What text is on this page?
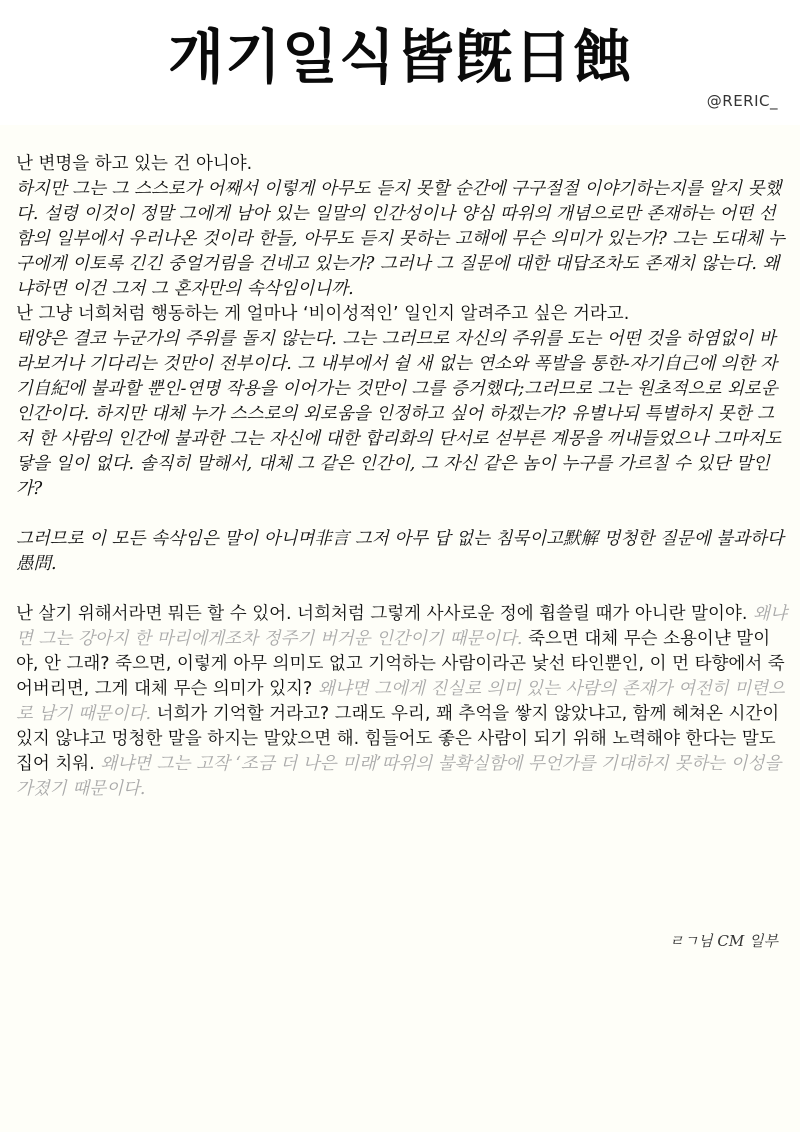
개기일식皆旣日蝕
@RERIC_

난 변명을 하고 있는 건 아니야.
하지만 그는 그 스스로가 어째서 이렇게 아무도 듣지 못할 순간에 구구절절 이야기하는지를 알지 못했다. 설령 이것이 정말 그에게 남아 있는 일말의 인간성이나 양심 따위의 개념으로만 존재하는 어떤 선함의 일부에서 우러나온 것이라 한들, 아무도 듣지 못하는 고해에 무슨 의미가 있는가? 그는 도대체 누구에게 이토록 긴긴 중얼거림을 건네고 있는가? 그러나 그 질문에 대한 대답조차도 존재치 않는다. 왜냐하면 이건 그저 그 혼자만의 속삭임이니까.
난 그냥 너희처럼 행동하는 게 얼마나 ‘비이성적인’ 일인지 알려주고 싶은 거라고.
태양은 결코 누군가의 주위를 돌지 않는다. 그는 그러므로 자신의 주위를 도는 어떤 것을 하염없이 바라보거나 기다리는 것만이 전부이다. 그 내부에서 쉴 새 없는 연소와 폭발을 통한-자기自己에 의한 자기自紀에 불과할 뿐인-연명 작용을 이어가는 것만이 그를 증거했다;그러므로 그는 원초적으로 외로운 인간이다. 하지만 대체 누가 스스로의 외로움을 인정하고 싶어 하겠는가? 유별나되 특별하지 못한 그저 한 사람의 인간에 불과한 그는 자신에 대한 합리화의 단서로 섣부른 계몽을 꺼내들었으나 그마저도 닿을 일이 없다. 솔직히 말해서, 대체 그 같은 인간이, 그 자신 같은 놈이 누구를 가르칠 수 있단 말인가?

그러므로 이 모든 속삭임은 말이 아니며非言 그저 아무 답 없는 침묵이고默解 멍청한 질문에 불과하다愚問.

난 살기 위해서라면 뭐든 할 수 있어. 너희처럼 그렇게 사사로운 정에 휩쓸릴 때가 아니란 말이야. 왜냐면 그는 강아지 한 마리에게조차 정주기 버거운 인간이기 때문이다. 죽으면 대체 무슨 소용이냔 말이야, 안 그래? 죽으면, 이렇게 아무 의미도 없고 기억하는 사람이라곤 낯선 타인뿐인, 이 먼 타향에서 죽어버리면, 그게 대체 무슨 의미가 있지? 왜냐면 그에게 진실로 의미 있는 사람의 존재가 여전히 미련으로 남기 때문이다. 너희가 기억할 거라고? 그래도 우리, 꽤 추억을 쌓지 않았냐고, 함께 헤쳐온 시간이 있지 않냐고 멍청한 말을 하지는 말았으면 해. 힘들어도 좋은 사람이 되기 위해 노력해야 한다는 말도 집어 치워. 왜냐면 그는 고작 ‘조금 더 나은 미래’따위의 불확실함에 무언가를 기대하지 못하는 이성을 가졌기 때문이다.

ㄹㄱ님 CM 일부
